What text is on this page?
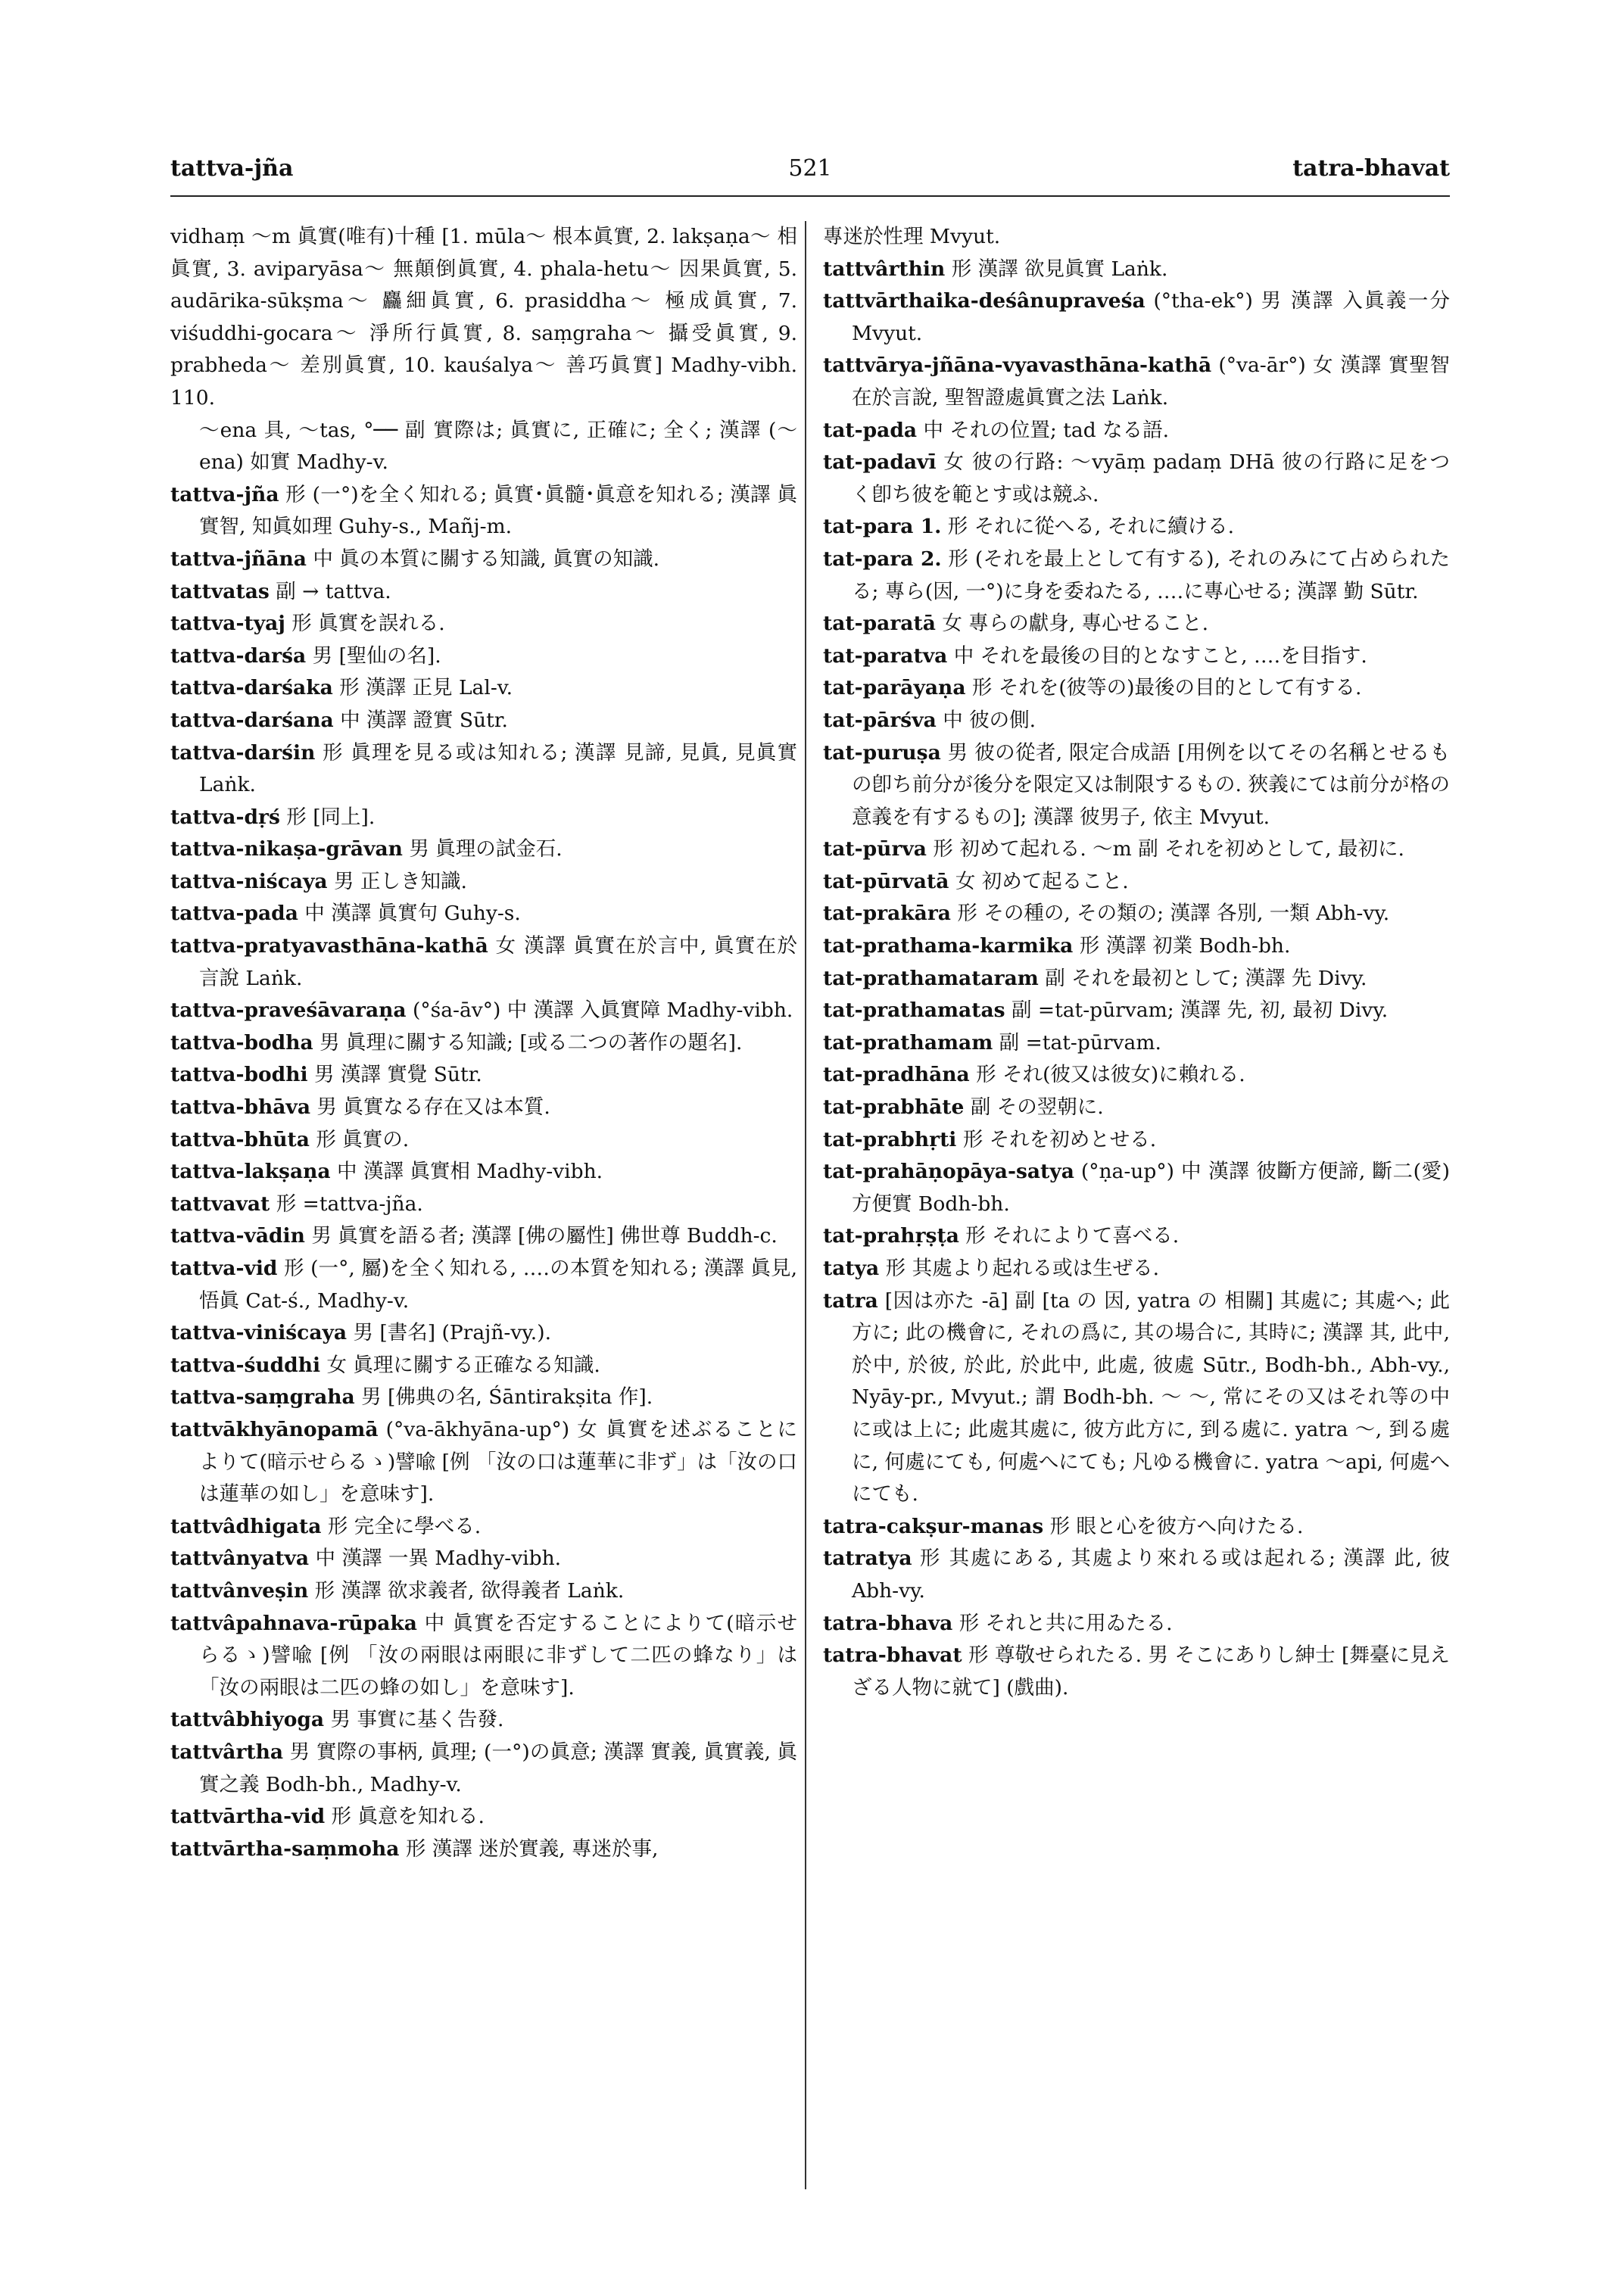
tattva-jña	521	tatra-bhavat
vidhaṃ ～m 眞實(唯有)十種 [1. mūla～ 根本眞實, 2. lakṣaṇa～ 相眞實, 3. aviparyāsa～ 無顛倒眞實, 4. phala-hetu～ 因果眞實, 5. audārika-sūkṣma～ 麤細眞實, 6. prasiddha～ 極成眞實, 7. viśuddhi-gocara～ 淨所行眞實, 8. saṃgraha～ 攝受眞實, 9. prabheda～ 差別眞實, 10. kauśalya～ 善巧眞實] Madhy-vibh. 110.
～ena 具, ～tas, °── 副 實際は; 眞實に, 正確に; 全く; 漢譯 (～ena) 如實 Madhy-v.
tattva-jña 形 (一°)を全く知れる; 眞實･眞髓･眞意を知れる; 漢譯 眞實智, 知眞如理 Guhy-s., Mañj-m.
tattva-jñāna 中 眞の本質に關する知識, 眞實の知識.
tattvatas 副 → tattva.
tattva-tyaj 形 眞實を誤れる.
tattva-darśa 男 [聖仙の名].
tattva-darśaka 形 漢譯 正見 Lal-v.
tattva-darśana 中 漢譯 證實 Sūtr.
tattva-darśin 形 眞理を見る或は知れる; 漢譯 見諦, 見眞, 見眞實 Laṅk.
tattva-dṛś 形 [同上].
tattva-nikaṣa-grāvan 男 眞理の試金石.
tattva-niścaya 男 正しき知識.
tattva-pada 中 漢譯 眞實句 Guhy-s.
tattva-pratyavasthāna-kathā 女 漢譯 眞實在於言中, 眞實在於言說 Laṅk.
tattva-praveśāvaraṇa (°śa-āv°) 中 漢譯 入眞實障 Madhy-vibh.
tattva-bodha 男 眞理に關する知識; [或る二つの著作の題名].
tattva-bodhi 男 漢譯 實覺 Sūtr.
tattva-bhāva 男 眞實なる存在又は本質.
tattva-bhūta 形 眞實の.
tattva-lakṣaṇa 中 漢譯 眞實相 Madhy-vibh.
tattvavat 形 =tattva-jña.
tattva-vādin 男 眞實を語る者; 漢譯 [佛の屬性] 佛世尊 Buddh-c.
tattva-vid 形 (一°, 屬)を全く知れる, ‥‥の本質を知れる; 漢譯 眞見, 悟眞 Cat-ś., Madhy-v.
tattva-viniścaya 男 [書名] (Prajñ-vy.).
tattva-śuddhi 女 眞理に關する正確なる知識.
tattva-saṃgraha 男 [佛典の名, Śāntirakṣita 作].
tattvākhyānopamā (°va-ākhyāna-up°) 女 眞實を述ぶることによりて(暗示せらるゝ)譬喩 [例 「汝の口は蓮華に非ず」は「汝の口は蓮華の如し」を意味す].
tattvâdhigata 形 完全に學べる.
tattvânyatva 中 漢譯 一異 Madhy-vibh.
tattvânveṣin 形 漢譯 欲求義者, 欲得義者 Laṅk.
tattvâpahnava-rūpaka 中 眞實を否定することによりて(暗示せらるゝ)譬喩 [例 「汝の兩眼は兩眼に非ずして二匹の蜂なり」は「汝の兩眼は二匹の蜂の如し」を意味す].
tattvâbhiyoga 男 事實に基く告發.
tattvârtha 男 實際の事柄, 眞理; (一°)の眞意; 漢譯 實義, 眞實義, 眞實之義 Bodh-bh., Madhy-v.
tattvārtha-vid 形 眞意を知れる.
tattvārtha-saṃmoha 形 漢譯 迷於實義, 專迷於事,
專迷於性理 Mvyut.
tattvârthin 形 漢譯 欲見眞實 Laṅk.
tattvārthaika-deśânupraveśa (°tha-ek°) 男 漢譯 入眞義一分 Mvyut.
tattvārya-jñāna-vyavasthāna-kathā (°va-ār°) 女 漢譯 實聖智在於言說, 聖智證處眞實之法 Laṅk.
tat-pada 中 それの位置; tad なる語.
tat-padavī 女 彼の行路: ～vyāṃ padaṃ DHā 彼の行路に足をつく卽ち彼を範とす或は競ふ.
tat-para 1. 形 それに從へる, それに續ける.
tat-para 2. 形 (それを最上として有する), それのみにて占められたる; 專ら(因, 一°)に身を委ねたる, ‥‥に專心せる; 漢譯 勤 Sūtr.
tat-paratā 女 專らの獻身, 專心せること.
tat-paratva 中 それを最後の目的となすこと, ‥‥を目指す.
tat-parāyaṇa 形 それを(彼等の)最後の目的として有する.
tat-pārśva 中 彼の側.
tat-puruṣa 男 彼の從者, 限定合成語 [用例を以てその名稱とせるもの卽ち前分が後分を限定又は制限するもの. 狹義にては前分が格の意義を有するもの]; 漢譯 彼男子, 依主 Mvyut.
tat-pūrva 形 初めて起れる. ～m 副 それを初めとして, 最初に.
tat-pūrvatā 女 初めて起ること.
tat-prakāra 形 その種の, その類の; 漢譯 各別, 一類 Abh-vy.
tat-prathama-karmika 形 漢譯 初業 Bodh-bh.
tat-prathamataram 副 それを最初として; 漢譯 先 Divy.
tat-prathamatas 副 =tat-pūrvam; 漢譯 先, 初, 最初 Divy.
tat-prathamam 副 =tat-pūrvam.
tat-pradhāna 形 それ(彼又は彼女)に賴れる.
tat-prabhāte 副 その翌朝に.
tat-prabhṛti 形 それを初めとせる.
tat-prahāṇopāya-satya (°ṇa-up°) 中 漢譯 彼斷方便諦, 斷二(愛)方便實 Bodh-bh.
tat-prahṛṣṭa 形 それによりて喜べる.
tatya 形 其處より起れる或は生ぜる.
tatra [因は亦た -ā] 副 [ta の 因, yatra の 相關] 其處に; 其處へ; 此方に; 此の機會に, それの爲に, 其の場合に, 其時に; 漢譯 其, 此中, 於中, 於彼, 於此, 於此中, 此處, 彼處 Sūtr., Bodh-bh., Abh-vy., Nyāy-pr., Mvyut.; 謂 Bodh-bh. ～ ～, 常にその又はそれ等の中に或は上に; 此處其處に, 彼方此方に, 到る處に. yatra ～, 到る處に, 何處にても, 何處へにても; 凡ゆる機會に. yatra ～api, 何處へにても.
tatra-cakṣur-manas 形 眼と心を彼方へ向けたる.
tatratya 形 其處にある, 其處より來れる或は起れる; 漢譯 此, 彼 Abh-vy.
tatra-bhava 形 それと共に用ゐたる.
tatra-bhavat 形 尊敬せられたる. 男 そこにありし紳士 [舞臺に見えざる人物に就て] (戲曲).
